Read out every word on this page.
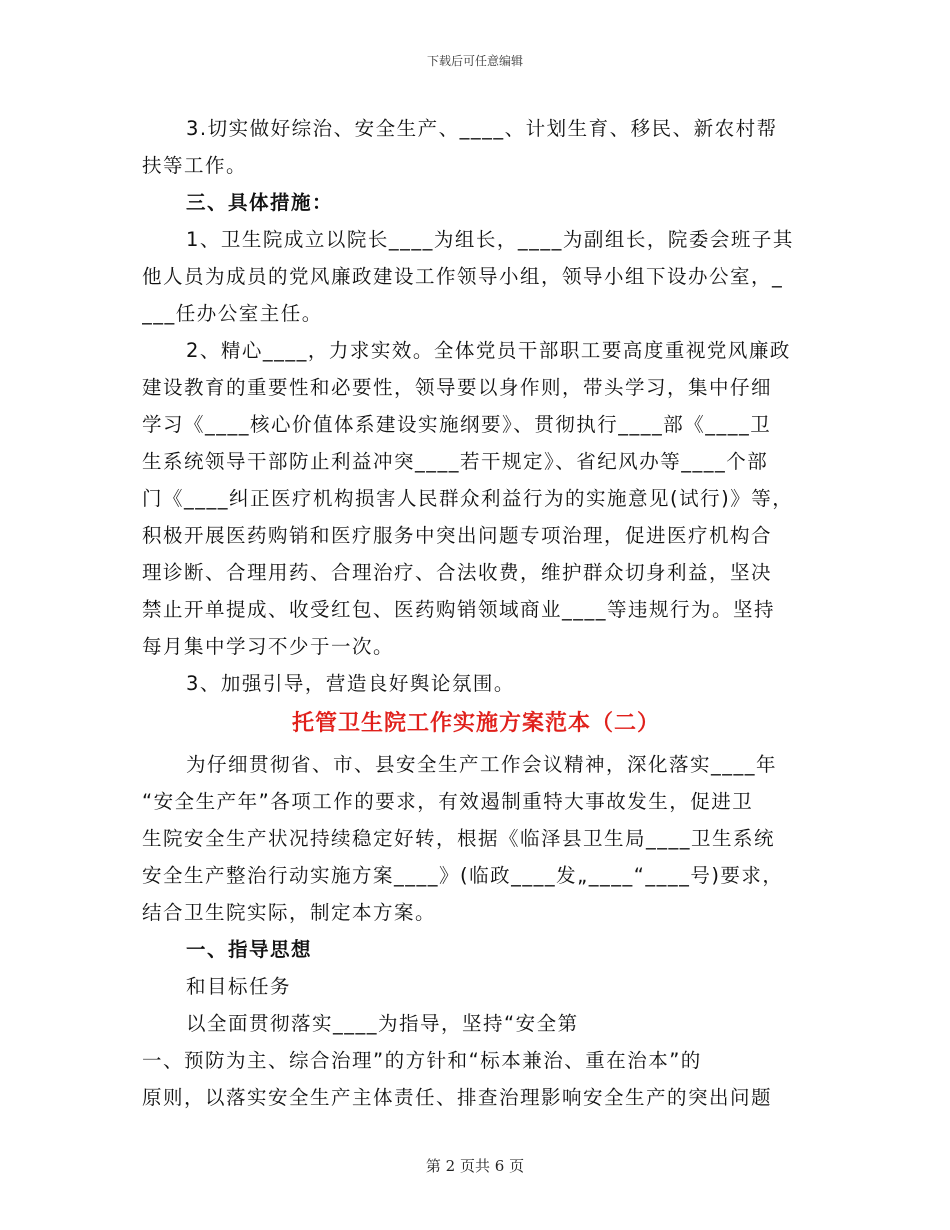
下载后可任意编辑
3.切实做好综治、安全生产、____、计划生育、移民、新农村帮
扶等工作。
三、具体措施：
1、卫生院成立以院长____为组长，____为副组长，院委会班子其
他人员为成员的党风廉政建设工作领导小组，领导小组下设办公室，_
___任办公室主任。
2、精心____，力求实效。全体党员干部职工要高度重视党风廉政
建设教育的重要性和必要性，领导要以身作则，带头学习，集中仔细
学习《____核心价值体系建设实施纲要》、贯彻执行____部《____卫
生系统领导干部防止利益冲突____若干规定》、省纪风办等____个部
门《____纠正医疗机构损害人民群众利益行为的实施意见(试行)》等，
积极开展医药购销和医疗服务中突出问题专项治理，促进医疗机构合
理诊断、合理用药、合理治疗、合法收费，维护群众切身利益，坚决
禁止开单提成、收受红包、医药购销领域商业____等违规行为。坚持
每月集中学习不少于一次。
3、加强引导，营造良好舆论氛围。
托管卫生院工作实施方案范本（二）
为仔细贯彻省、市、县安全生产工作会议精神，深化落实____年
“安全生产年”各项工作的要求，有效遏制重特大事故发生，促进卫
生院安全生产状况持续稳定好转，根据《临泽县卫生局____卫生系统
安全生产整治行动实施方案____》(临政____发„____“____号)要求，
结合卫生院实际，制定本方案。
一、指导思想
和目标任务
以全面贯彻落实____为指导，坚持“安全第
一、预防为主、综合治理”的方针和“标本兼治、重在治本”的
原则，以落实安全生产主体责任、排查治理影响安全生产的突出问题
第 2 页共 6 页
